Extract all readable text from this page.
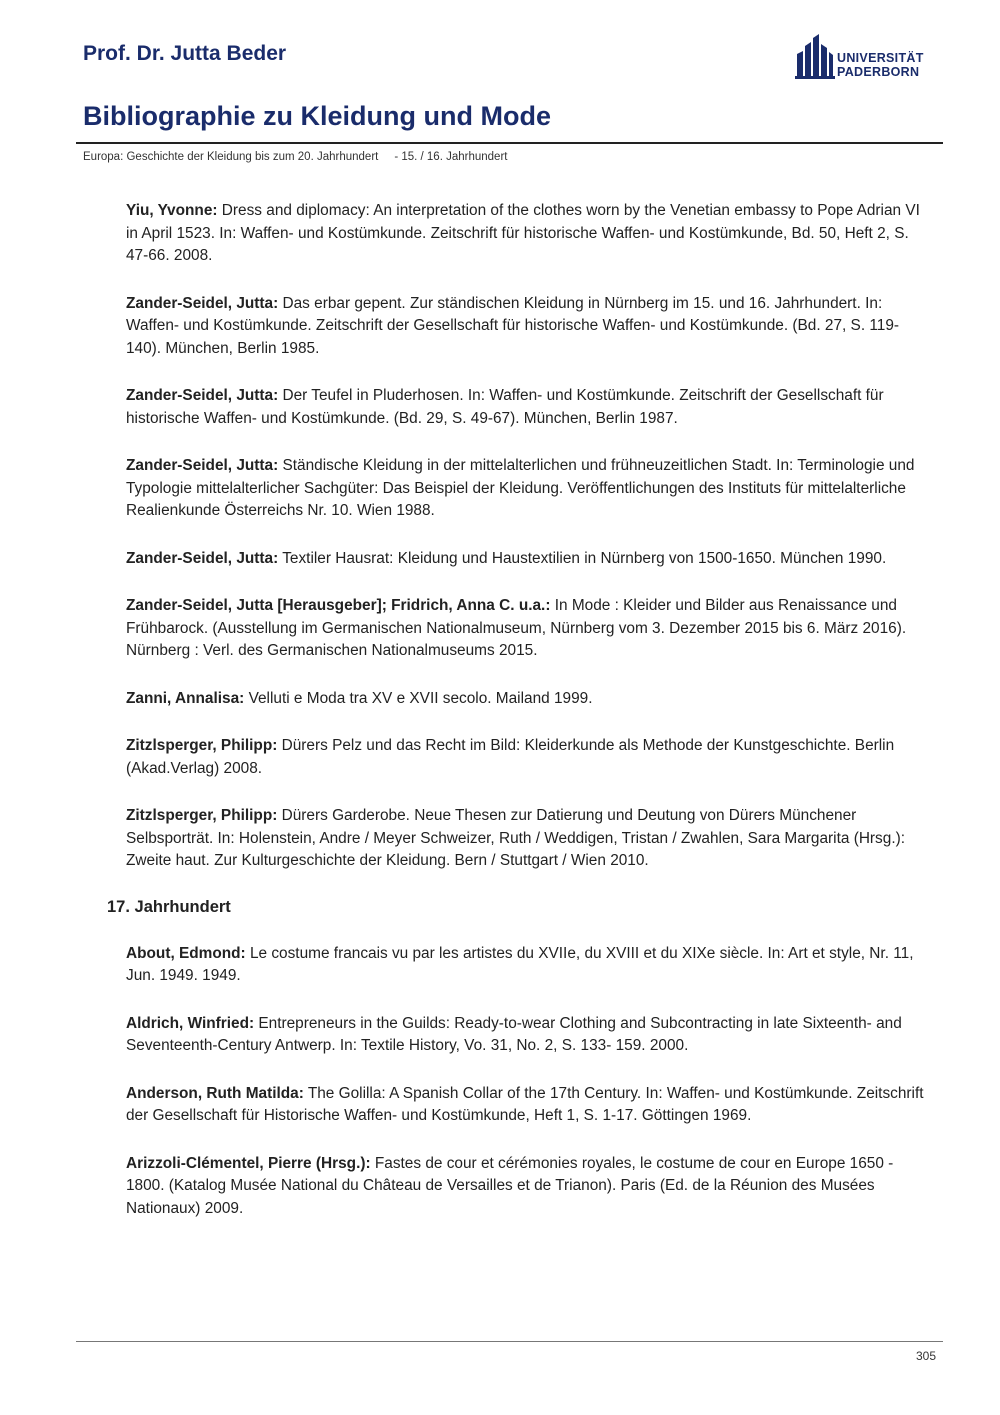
Prof. Dr. Jutta Beder	UNIVERSITÄT
PADERBORN
Bibliographie zu Kleidung und Mode
Europa: Geschichte der Kleidung bis zum 20. Jahrhundert     - 15. / 16. Jahrhundert
Yiu, Yvonne: Dress and diplomacy: An interpretation of the clothes worn by the Venetian embassy to Pope Adrian VI in April 1523. In: Waffen- und Kostümkunde. Zeitschrift für historische Waffen- und Kostümkunde, Bd. 50, Heft 2, S. 47-66. 2008.
Zander-Seidel, Jutta: Das erbar gepent. Zur ständischen Kleidung in Nürnberg im 15. und 16. Jahrhundert. In: Waffen- und Kostümkunde. Zeitschrift der Gesellschaft für historische Waffen- und Kostümkunde. (Bd. 27, S. 119-140). München, Berlin 1985.
Zander-Seidel, Jutta: Der Teufel in Pluderhosen. In: Waffen- und Kostümkunde. Zeitschrift der Gesellschaft für historische Waffen- und Kostümkunde. (Bd. 29, S. 49-67). München, Berlin 1987.
Zander-Seidel, Jutta: Ständische Kleidung in der mittelalterlichen und frühneuzeitlichen Stadt. In: Terminologie und Typologie mittelalterlicher Sachgüter: Das Beispiel der Kleidung. Veröffentlichungen des Instituts für mittelalterliche Realienkunde Österreichs Nr. 10. Wien 1988.
Zander-Seidel, Jutta: Textiler Hausrat: Kleidung und Haustextilien in Nürnberg von 1500-1650. München 1990.
Zander-Seidel, Jutta [Herausgeber]; Fridrich, Anna C. u.a.: In Mode : Kleider und Bilder aus Renaissance und Frühbarock. (Ausstellung im Germanischen Nationalmuseum, Nürnberg vom 3. Dezember 2015 bis 6. März 2016). Nürnberg : Verl. des Germanischen Nationalmuseums 2015.
Zanni, Annalisa: Velluti e Moda tra XV e XVII secolo. Mailand 1999.
Zitzlsperger, Philipp: Dürers Pelz und das Recht im Bild: Kleiderkunde als Methode der Kunstgeschichte. Berlin (Akad.Verlag) 2008.
Zitzlsperger, Philipp: Dürers Garderobe. Neue Thesen zur Datierung und Deutung von Dürers Münchener Selbsporträt. In: Holenstein, Andre / Meyer Schweizer, Ruth / Weddigen, Tristan / Zwahlen, Sara Margarita (Hrsg.): Zweite haut. Zur Kulturgeschichte der Kleidung. Bern / Stuttgart / Wien 2010.
17. Jahrhundert
About, Edmond: Le costume francais vu par les artistes du XVIIe, du XVIII et du XIXe siècle. In: Art et style, Nr. 11, Jun. 1949. 1949.
Aldrich, Winfried: Entrepreneurs in the Guilds: Ready-to-wear Clothing and Subcontracting in late Sixteenth- and Seventeenth-Century Antwerp. In: Textile History, Vo. 31, No. 2, S. 133- 159. 2000.
Anderson, Ruth Matilda: The Golilla: A Spanish Collar of the 17th Century. In: Waffen- und Kostümkunde. Zeitschrift der Gesellschaft für Historische Waffen- und Kostümkunde, Heft 1, S. 1-17. Göttingen 1969.
Arizzoli-Clémentel, Pierre (Hrsg.): Fastes de cour et cérémonies royales, le costume de cour en Europe 1650 - 1800. (Katalog Musée National du Château de Versailles et de Trianon). Paris (Ed. de la Réunion des Musées Nationaux) 2009.
305
